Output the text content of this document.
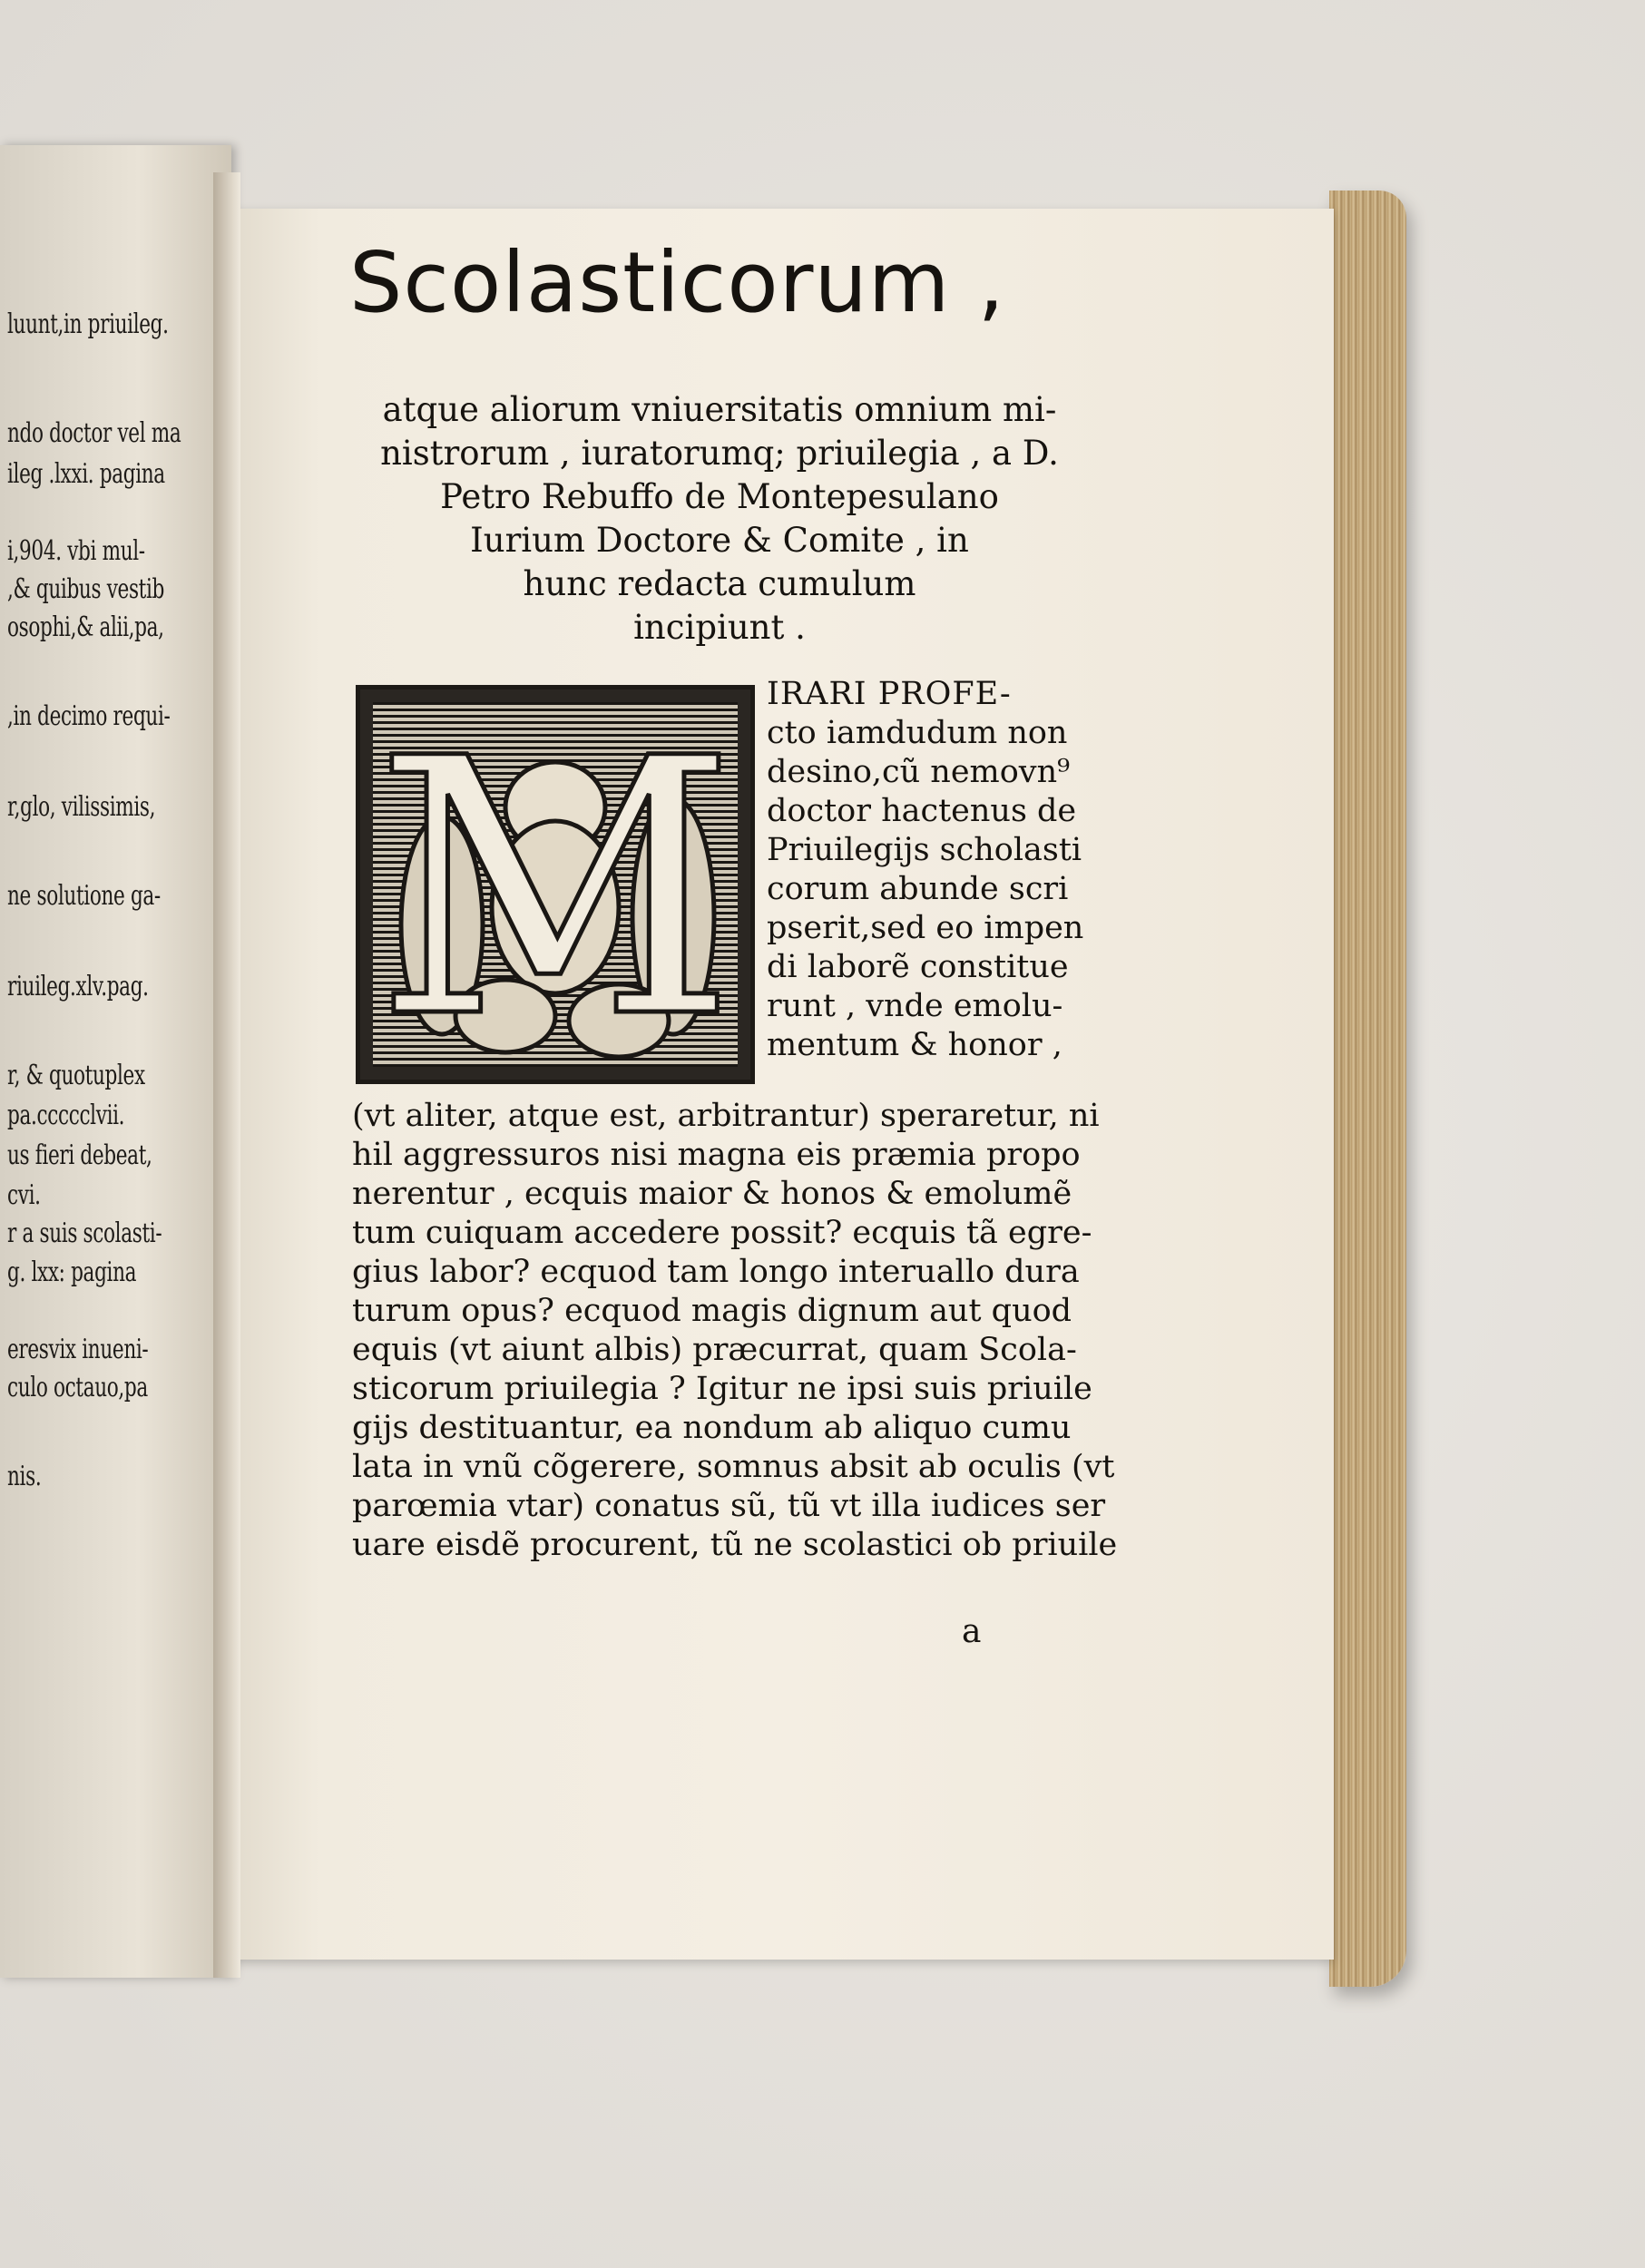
luunt,in priuileg.
ndo doctor vel ma
ileg .lxxi. pagina
i,904. vbi mul-
,& quibus vestib
osophi,& alii,pa,
,in decimo requi-
r,glo, vilissimis,
ne solutione ga-
riuileg.xlv.pag.
r, & quotuplex
pa.ccccclvii.
us fieri debeat,
cvi.
r a suis scolasti-
g. lxx: pagina
eresvix inueni-
culo octauo,pa
nis.
Scolasticorum ,
atque aliorum vniuersitatis omnium mi-
nistrorum , iuratorumq; priuilegia , a D.
Petro Rebuffo de Montepesulano
Iurium Doctore & Comite , in
hunc redacta cumulum
incipiunt .
M IRARI PROFE-
cto iamdudum non
desino,cũ nemovn⁹
doctor hactenus de
Priuilegijs scholasti
corum abunde scri
pserit,sed eo impen
di laborẽ constitue
runt , vnde emolu-
mentum & honor ,
(vt aliter, atque est, arbitrantur) speraretur, ni
hil aggressuros nisi magna eis præmia propo
nerentur , ecquis maior & honos & emolumẽ
tum cuiquam accedere possit? ecquis tã egre-
gius labor? ecquod tam longo interuallo dura
turum opus? ecquod magis dignum aut quod
equis (vt aiunt albis) præcurrat, quam Scola-
sticorum priuilegia ? Igitur ne ipsi suis priuile
gijs destituantur, ea nondum ab aliquo cumu
lata in vnũ cõgerere, somnus absit ab oculis (vt
parœmia vtar) conatus sũ, tũ vt illa iudices ser
uare eisdẽ procurent, tũ ne scolastici ob priuile
a
